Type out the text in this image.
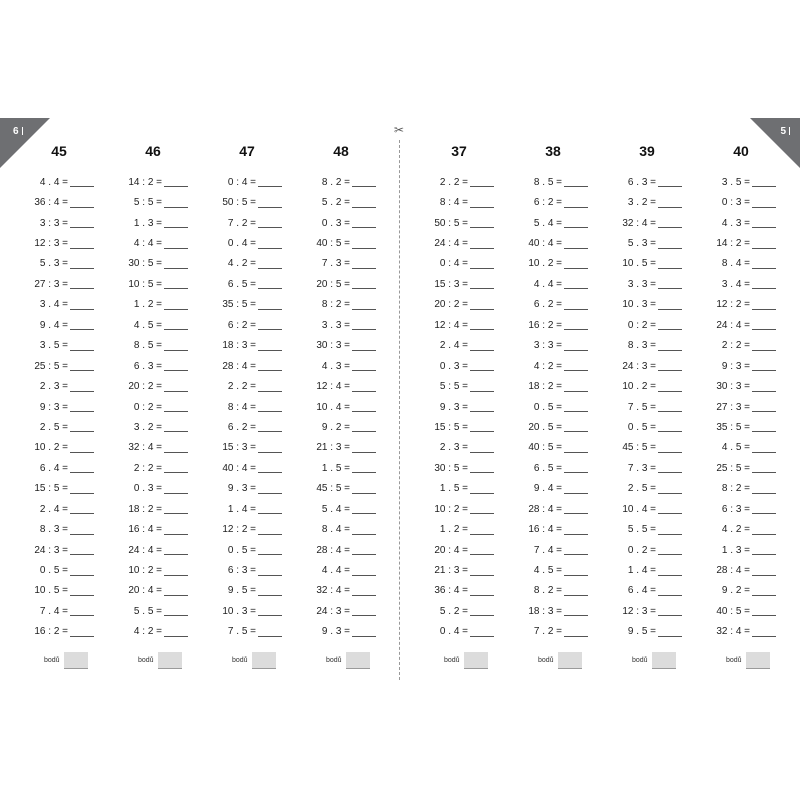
6	5
✂
45
4 . 4 =
36 : 4 =
3 : 3 =
12 : 3 =
5 . 3 =
27 : 3 =
3 . 4 =
9 . 4 =
3 . 5 =
25 : 5 =
2 . 3 =
9 : 3 =
2 . 5 =
10 . 2 =
6 . 4 =
15 : 5 =
2 . 4 =
8 . 3 =
24 : 3 =
0 . 5 =
10 . 5 =
7 . 4 =
16 : 2 =
bodů
46
14 : 2 =
5 : 5 =
1 . 3 =
4 : 4 =
30 : 5 =
10 : 5 =
1 . 2 =
4 . 5 =
8 . 5 =
6 . 3 =
20 : 2 =
0 : 2 =
3 . 2 =
32 : 4 =
2 : 2 =
0 . 3 =
18 : 2 =
16 : 4 =
24 : 4 =
10 : 2 =
20 : 4 =
5 . 5 =
4 : 2 =
bodů
47
0 : 4 =
50 : 5 =
7 . 2 =
0 . 4 =
4 . 2 =
6 . 5 =
35 : 5 =
6 : 2 =
18 : 3 =
28 : 4 =
2 . 2 =
8 : 4 =
6 . 2 =
15 : 3 =
40 : 4 =
9 . 3 =
1 . 4 =
12 : 2 =
0 . 5 =
6 : 3 =
9 . 5 =
10 . 3 =
7 . 5 =
bodů
48
8 . 2 =
5 . 2 =
0 . 3 =
40 : 5 =
7 . 3 =
20 : 5 =
8 : 2 =
3 . 3 =
30 : 3 =
4 . 3 =
12 : 4 =
10 . 4 =
9 . 2 =
21 : 3 =
1 . 5 =
45 : 5 =
5 . 4 =
8 . 4 =
28 : 4 =
4 . 4 =
32 : 4 =
24 : 3 =
9 . 3 =
bodů
37
2 . 2 =
8 : 4 =
50 : 5 =
24 : 4 =
0 : 4 =
15 : 3 =
20 : 2 =
12 : 4 =
2 . 4 =
0 . 3 =
5 : 5 =
9 . 3 =
15 : 5 =
2 . 3 =
30 : 5 =
1 . 5 =
10 : 2 =
1 . 2 =
20 : 4 =
21 : 3 =
36 : 4 =
5 . 2 =
0 . 4 =
bodů
38
8 . 5 =
6 : 2 =
5 . 4 =
40 : 4 =
10 . 2 =
4 . 4 =
6 . 2 =
16 : 2 =
3 : 3 =
4 : 2 =
18 : 2 =
0 . 5 =
20 . 5 =
40 : 5 =
6 . 5 =
9 . 4 =
28 : 4 =
16 : 4 =
7 . 4 =
4 . 5 =
8 . 2 =
18 : 3 =
7 . 2 =
bodů
39
6 . 3 =
3 . 2 =
32 : 4 =
5 . 3 =
10 . 5 =
3 . 3 =
10 . 3 =
0 : 2 =
8 . 3 =
24 : 3 =
10 . 2 =
7 . 5 =
0 . 5 =
45 : 5 =
7 . 3 =
2 . 5 =
10 . 4 =
5 . 5 =
0 . 2 =
1 . 4 =
6 . 4 =
12 : 3 =
9 . 5 =
bodů
40
3 . 5 =
0 : 3 =
4 . 3 =
14 : 2 =
8 . 4 =
3 . 4 =
12 : 2 =
24 : 4 =
2 : 2 =
9 : 3 =
30 : 3 =
27 : 3 =
35 : 5 =
4 . 5 =
25 : 5 =
8 : 2 =
6 : 3 =
4 . 2 =
1 . 3 =
28 : 4 =
9 . 2 =
40 : 5 =
32 : 4 =
bodů
